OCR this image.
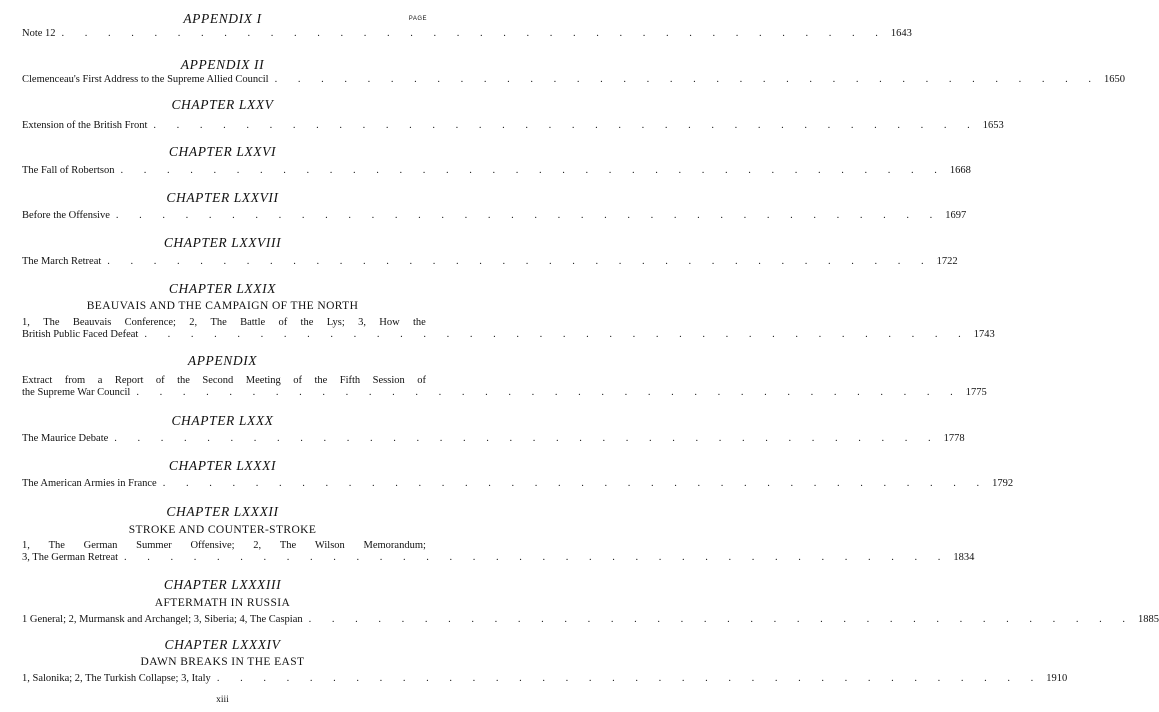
PAGE
APPENDIX I
Note 12 . . . . . . . . . . . . . . . . . . . . . . . . . . . . . . . . . . . . 1643
APPENDIX II
Clemenceau's First Address to the Supreme Allied Council . . . . . . . . . . . . . . . . . . . . . . . . . . . . . . . . . . . . 1650
CHAPTER LXXV
Extension of the British Front . . . . . . . . . . . . . . . . . . . . . . . . . . . . . . . . . . . . 1653
CHAPTER LXXVI
The Fall of Robertson . . . . . . . . . . . . . . . . . . . . . . . . . . . . . . . . . . . . 1668
CHAPTER LXXVII
Before the Offensive . . . . . . . . . . . . . . . . . . . . . . . . . . . . . . . . . . . . 1697
CHAPTER LXXVIII
The March Retreat . . . . . . . . . . . . . . . . . . . . . . . . . . . . . . . . . . . . 1722
CHAPTER LXXIX
BEAUVAIS AND THE CAMPAIGN OF THE NORTH
1, The Beauvais Conference; 2, The Battle of the Lys; 3, How the
British Public Faced Defeat . . . . . . . . . . . . . . . . . . . . . . . . . . . . . . . . . . . . 1743
APPENDIX
Extract from a Report of the Second Meeting of the Fifth Session of
the Supreme War Council . . . . . . . . . . . . . . . . . . . . . . . . . . . . . . . . . . . . 1775
CHAPTER LXXX
The Maurice Debate . . . . . . . . . . . . . . . . . . . . . . . . . . . . . . . . . . . . 1778
CHAPTER LXXXI
The American Armies in France . . . . . . . . . . . . . . . . . . . . . . . . . . . . . . . . . . . . 1792
CHAPTER LXXXII
STROKE AND COUNTER-STROKE
1, The German Summer Offensive; 2, The Wilson Memorandum;
3, The German Retreat . . . . . . . . . . . . . . . . . . . . . . . . . . . . . . . . . . . . 1834
CHAPTER LXXXIII
AFTERMATH IN RUSSIA
1 General; 2, Murmansk and Archangel; 3, Siberia; 4, The Caspian . . . . . . . . . . . . . . . . . . . . . . . . . . . . . . . . . . . . 1885
CHAPTER LXXXIV
DAWN BREAKS IN THE EAST
1, Salonika; 2, The Turkish Collapse; 3, Italy . . . . . . . . . . . . . . . . . . . . . . . . . . . . . . . . . . . . 1910
xiii
